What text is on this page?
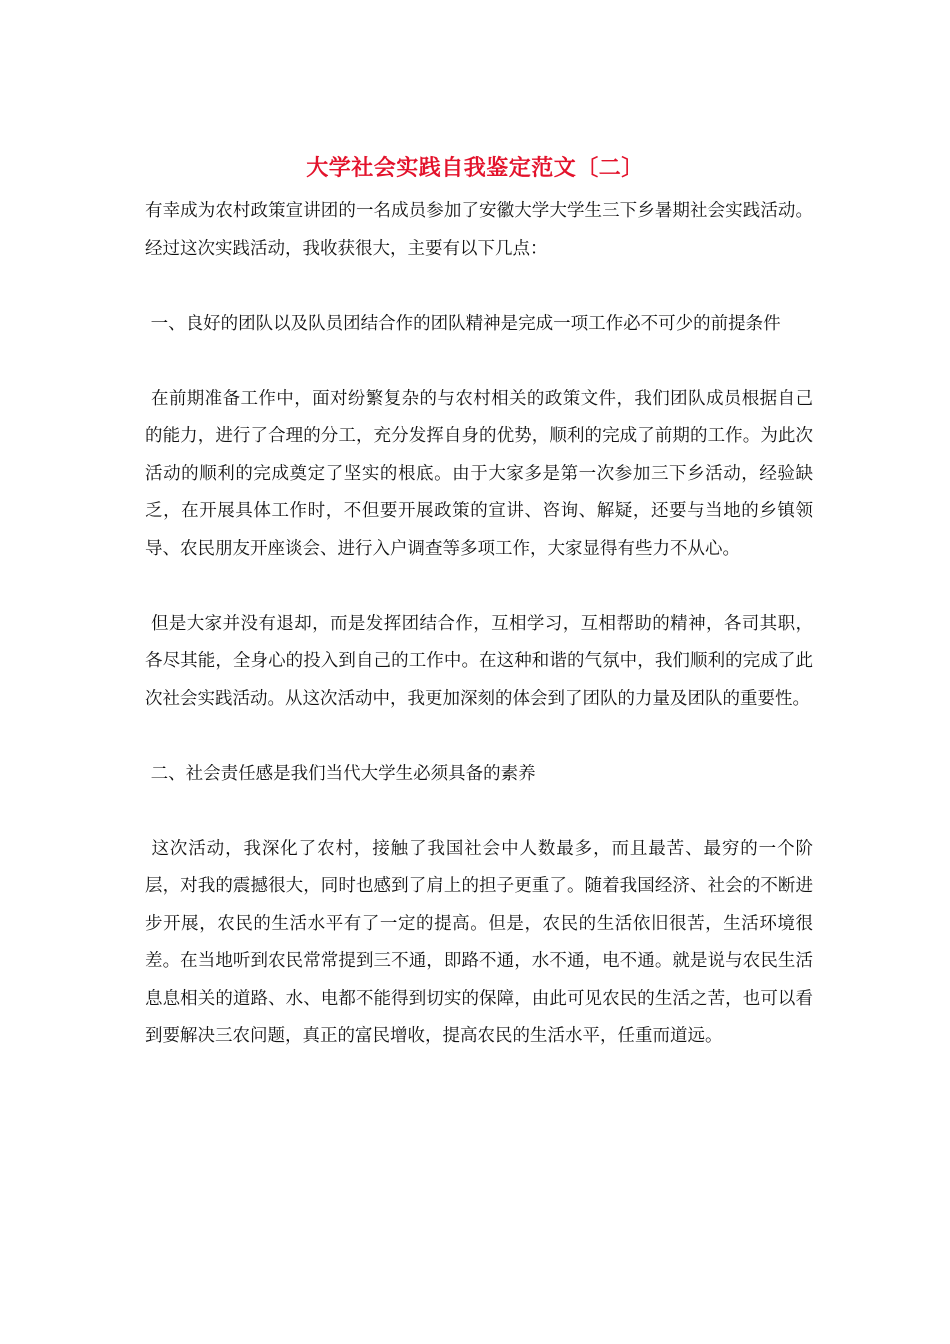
大学社会实践自我鉴定范文〔二〕

有幸成为农村政策宣讲团的一名成员参加了安徽大学大学生三下乡暑期社会实践活动。经过这次实践活动，我收获很大，主要有以下几点：

一、良好的团队以及队员团结合作的团队精神是完成一项工作必不可少的前提条件

在前期准备工作中，面对纷繁复杂的与农村相关的政策文件，我们团队成员根据自己的能力，进行了合理的分工，充分发挥自身的优势，顺利的完成了前期的工作。为此次活动的顺利的完成奠定了坚实的根底。由于大家多是第一次参加三下乡活动，经验缺乏，在开展具体工作时，不但要开展政策的宣讲、咨询、解疑，还要与当地的乡镇领导、农民朋友开座谈会、进行入户调查等多项工作，大家显得有些力不从心。

但是大家并没有退却，而是发挥团结合作，互相学习，互相帮助的精神，各司其职，各尽其能，全身心的投入到自己的工作中。在这种和谐的气氛中，我们顺利的完成了此次社会实践活动。从这次活动中，我更加深刻的体会到了团队的力量及团队的重要性。

二、社会责任感是我们当代大学生必须具备的素养

这次活动，我深化了农村，接触了我国社会中人数最多，而且最苦、最穷的一个阶层，对我的震撼很大，同时也感到了肩上的担子更重了。随着我国经济、社会的不断进步开展，农民的生活水平有了一定的提高。但是，农民的生活依旧很苦，生活环境很差。在当地听到农民常常提到三不通，即路不通，水不通，电不通。就是说与农民生活息息相关的道路、水、电都不能得到切实的保障，由此可见农民的生活之苦，也可以看到要解决三农问题，真正的富民增收，提高农民的生活水平，任重而道远。
